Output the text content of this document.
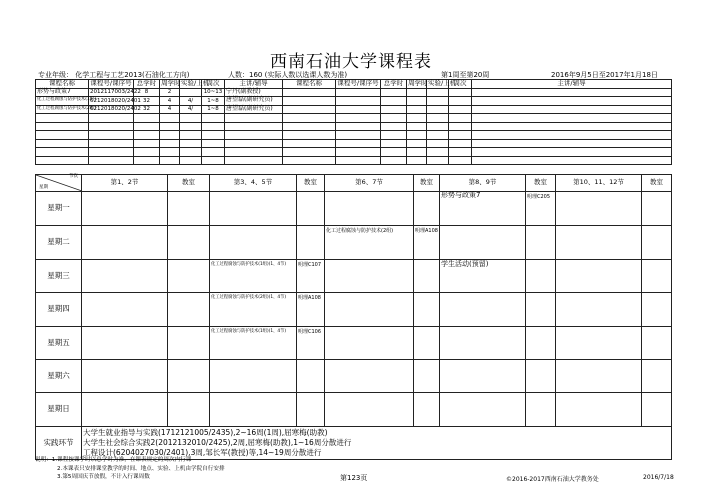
西南石油大学课程表
专业年级： 化学工程与工艺2013(石油化工方向)	人数：160 (实际人数以选课人数为准)	第1周至第20周	2016年9月5日至2017年1月18日
课程名称	课程号/课序号	总学时	周学时	实验/上机	周次	主讲/辅导	课程名称	课程号/课序号	总学时	周学时	实验/上机	周次	主讲/辅导
形势与政策7	2012117003/2422	8	2		10~13	宁丹(副教授)							
化工过程腐蚀与防护技术(1组)	6212018020/2401	32	4	4/	1~8	唐望磊(副研究员)							
化工过程腐蚀与防护技术(2组)	6212018020/2402	32	4	4/	1~8	唐望磊(副研究员)							

节次
星期	第1、2节	教室	第3、4、5节	教室	第6、7节	教室	第8、9节	教室	第10、11、12节	教室
星期一							形势与政策7	明理C205		
星期二					化工过程腐蚀与防护技术(2组)	明理A108				
星期三			化工过程腐蚀与防护技术(1组)(1、4节)	明理C107			学生活动(预留)			
星期四			化工过程腐蚀与防护技术(2组)(1、4节)	明理A108						
星期五			化工过程腐蚀与防护技术(1组)(1、4节)	明理C106						
星期六										
星期日										
实践环节	大学生就业指导与实践(1712121005/2435),2~16周(1周),屈寒梅(助教)
大学生社会综合实践2(2012132010/2425),2周,屈寒梅(助教),1~16周分散进行
工程设计(6204027030/2401),3周,邹长军(教授)等,14~19周分散进行									
说明：1.课程按课学时以总学时为准，在课表规定的周次内行课
2.本课表只安排课堂教学的时间、地点、实验、上机由学院自行安排
3.第5周国庆节放假，不计入行课周数	第123页	©2016-2017西南石油大学教务处	2016/7/18
